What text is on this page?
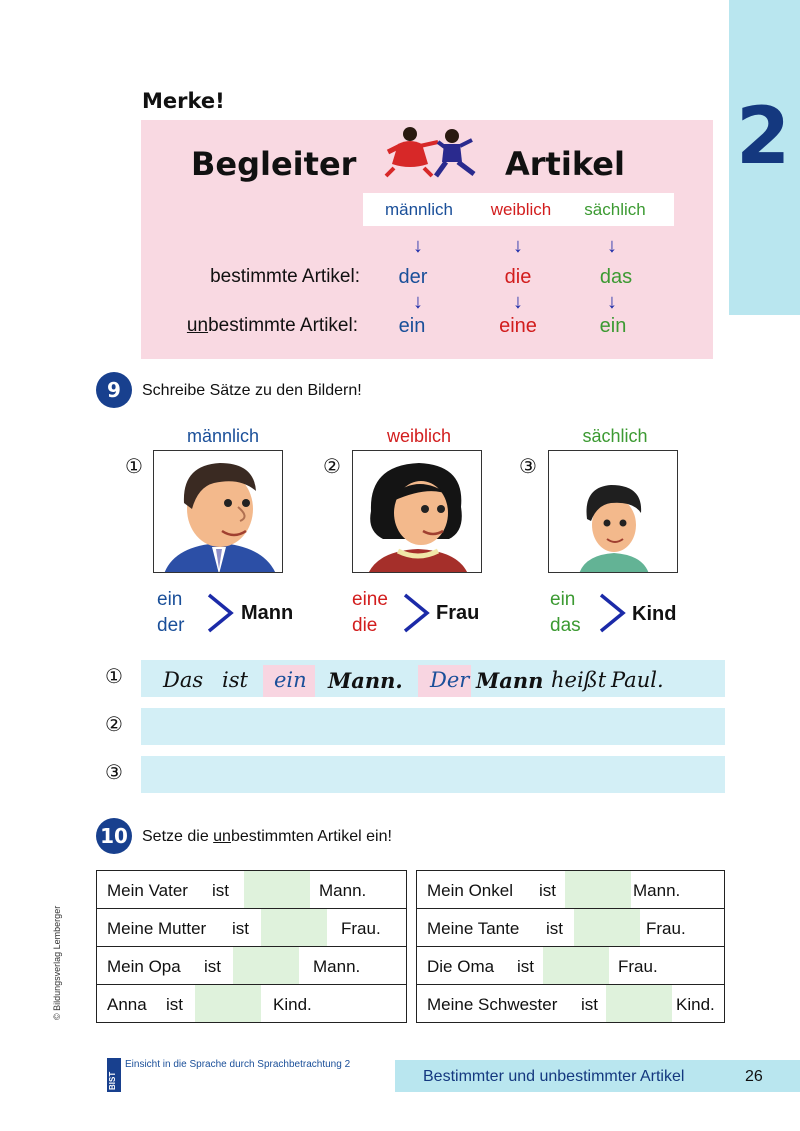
2
Merke!
Begleiter	Artikel
männlich	weiblich	sächlich
↓	↓	↓
bestimmte Artikel:	der	die	das
↓	↓	↓
unbestimmte Artikel:	ein	eine	ein
9	Schreibe Sätze zu den Bildern!
männlich	weiblich	sächlich
①	②	③
ein
der
Mann
eine
die
Frau
ein
das
Kind
① Das ist ein Mann. Der Mann heißt Paul.
②
③
10 Setze die unbestimmten Artikel ein!
Mein Vater ist	Mann.

Meine Mutter ist	Frau.

Mein Opa ist	Mann.

Anna ist	Kind.
Mein Onkel ist	Mann.

Meine Tante ist	Frau.

Die Oma ist	Frau.

Meine Schwester ist	Kind.
© Bildungsverlag Lemberger
BIST
Einsicht in die Sprache durch Sprachbetrachtung 2
Bestimmter und unbestimmter Artikel	26
